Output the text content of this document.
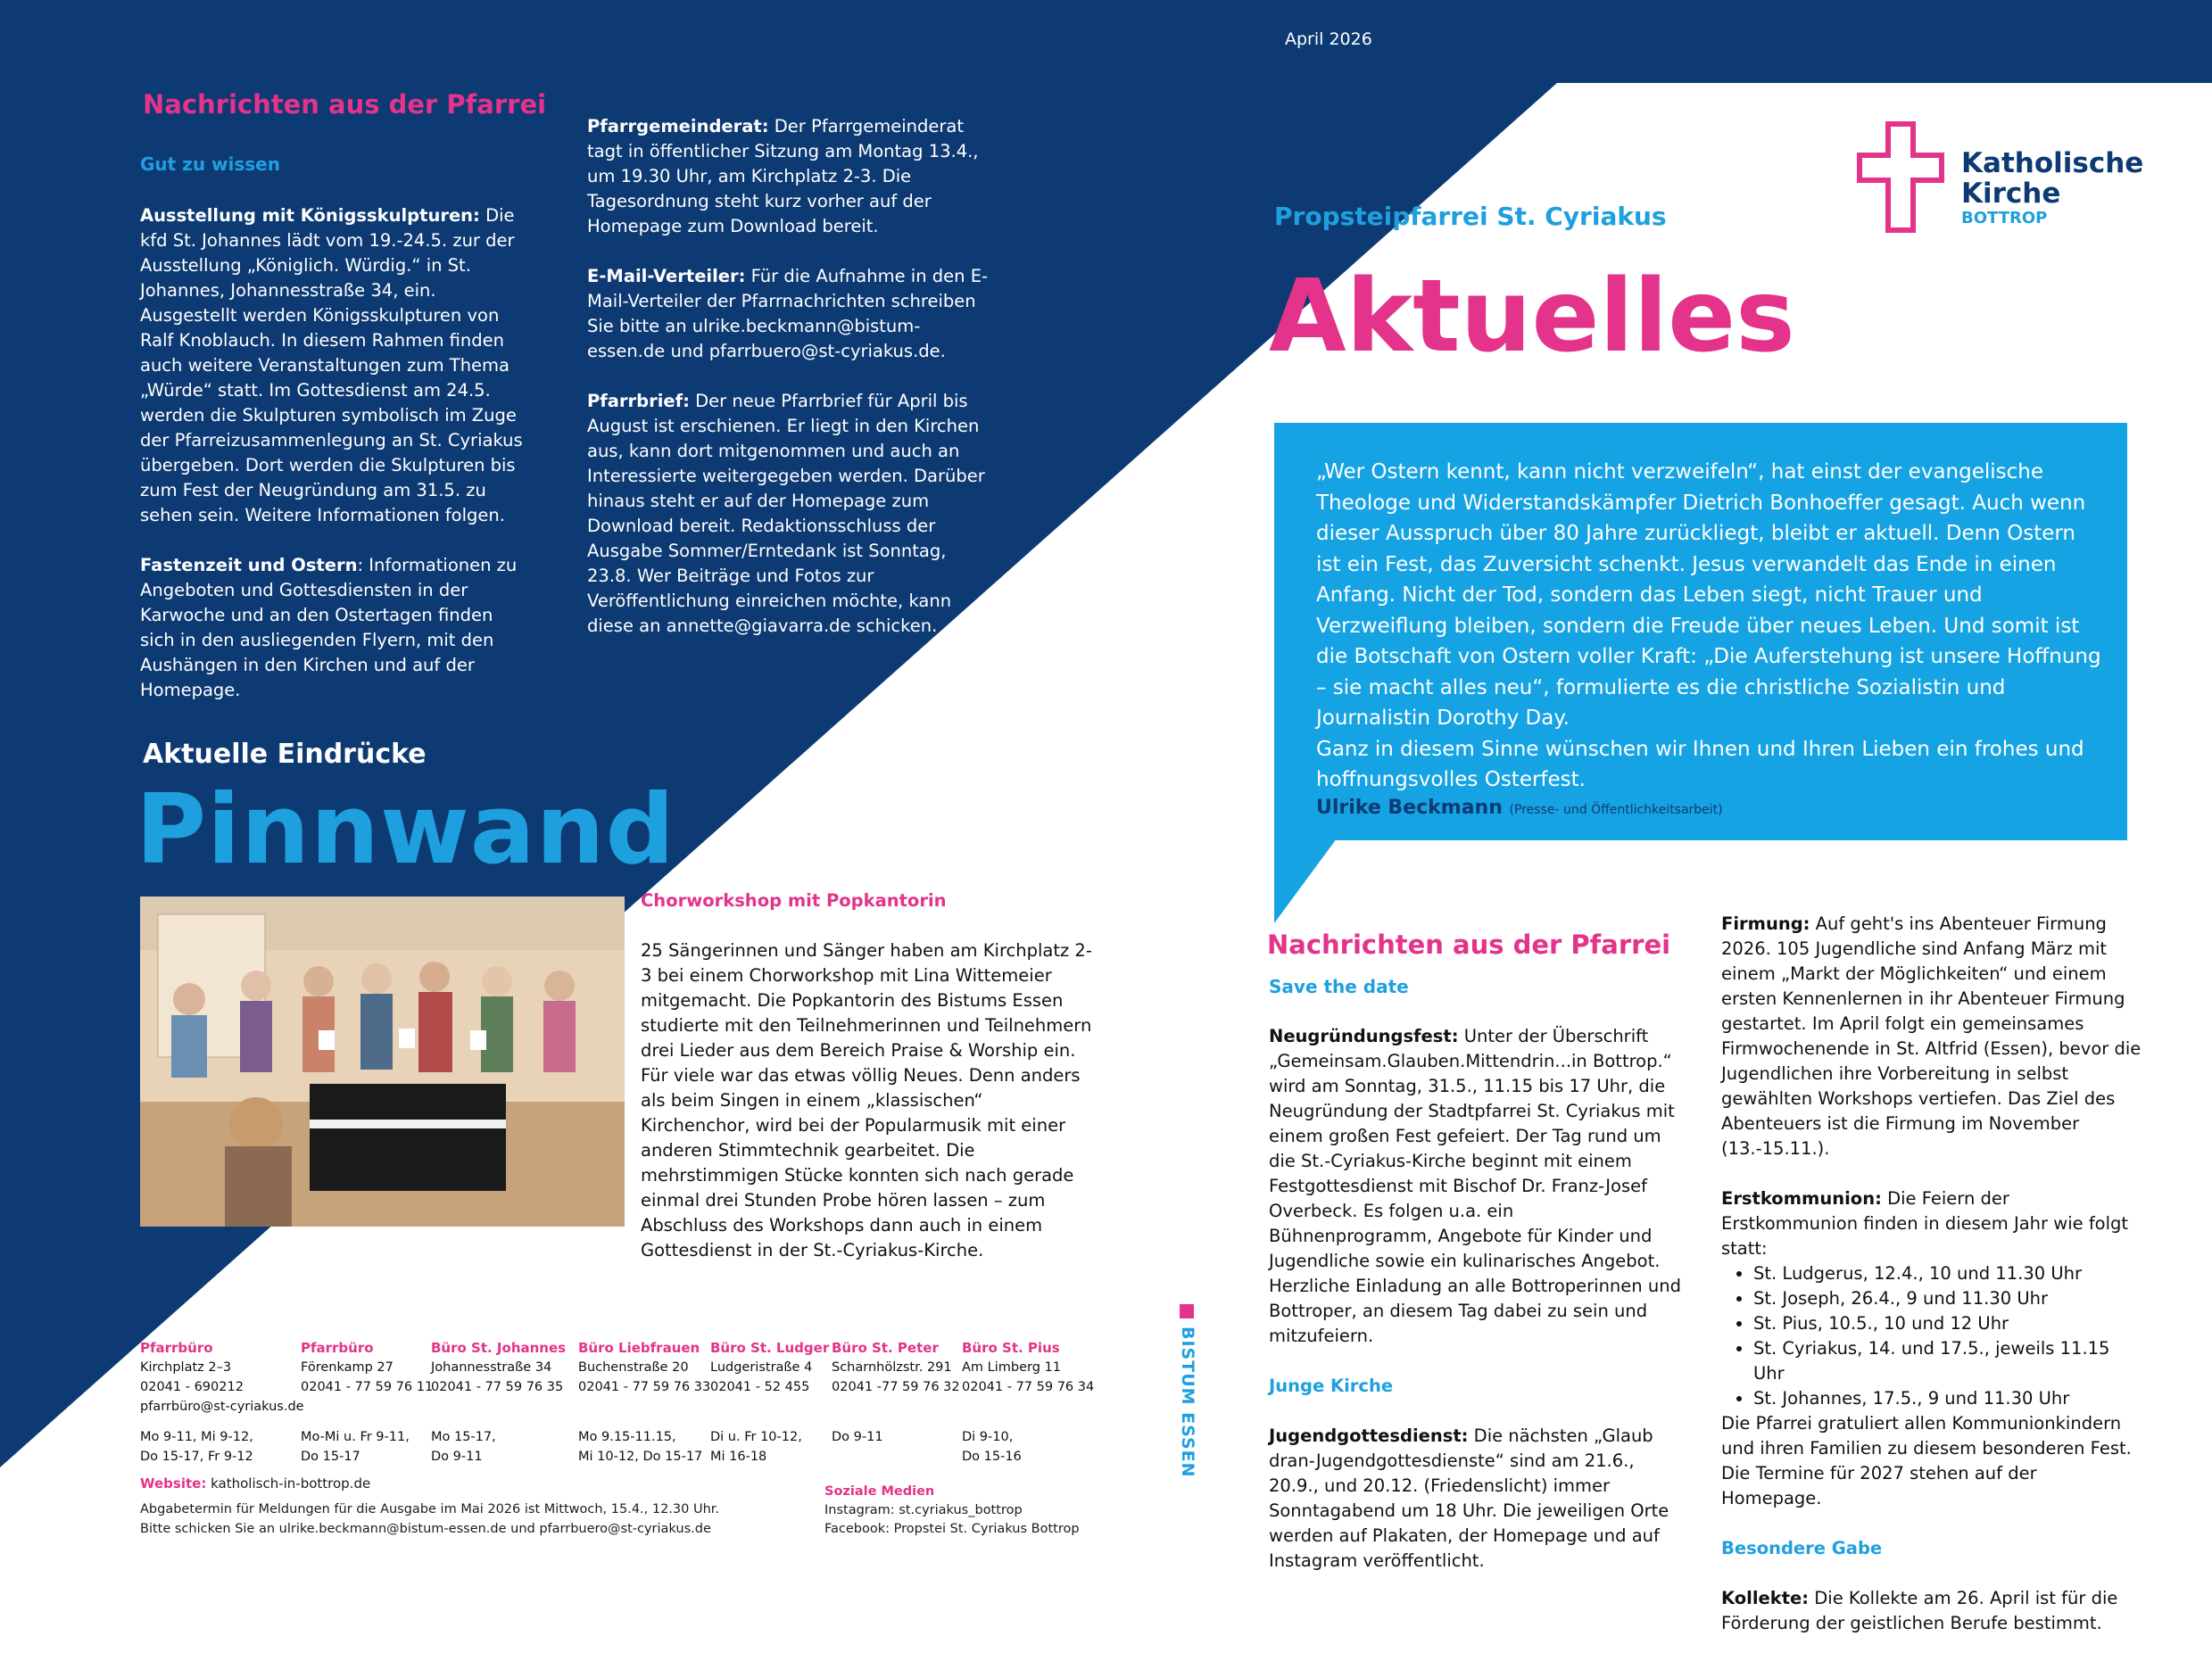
April 2026
Nachrichten aus der Pfarrei
Gut zu wissen

Ausstellung mit Königsskulpturen: Die kfd St. Johannes lädt vom 19.-24.5. zur der Ausstellung „Königlich. Würdig.“ in St. Johannes, Johannesstraße 34, ein. Ausgestellt werden Königsskulpturen von Ralf Knoblauch. In diesem Rahmen finden auch weitere Veranstaltungen zum Thema „Würde“ statt. Im Gottesdienst am 24.5. werden die Skulpturen symbolisch im Zuge der Pfarreizusammenlegung an St. Cyriakus übergeben. Dort werden die Skulpturen bis zum Fest der Neugründung am 31.5. zu sehen sein. Weitere Informationen folgen.

Fastenzeit und Ostern: Informationen zu Angeboten und Gottesdiensten in der Karwoche und an den Ostertagen finden sich in den ausliegenden Flyern, mit den Aushängen in den Kirchen und auf der Homepage.

Pfarrgemeinderat: Der Pfarrgemeinderat tagt in öffentlicher Sitzung am Montag 13.4., um 19.30 Uhr, am Kirchplatz 2-3. Die Tagesordnung steht kurz vorher auf der Homepage zum Download bereit.

E-Mail-Verteiler: Für die Aufnahme in den E-Mail-Verteiler der Pfarrnachrichten schreiben Sie bitte an ulrike.beckmann@bistum-essen.de und pfarrbuero@st-cyriakus.de.

Pfarrbrief: Der neue Pfarrbrief für April bis August ist erschienen. Er liegt in den Kirchen aus, kann dort mitgenommen und auch an Interessierte weitergegeben werden. Darüber hinaus steht er auf der Homepage zum Download bereit. Redaktionsschluss der Ausgabe Sommer/Erntedank ist Sonntag, 23.8. Wer Beiträge und Fotos zur Veröffentlichung einreichen möchte, kann diese an annette@giavarra.de schicken.

Aktuelle Eindrücke
Pinnwand
Chorworkshop mit Popkantorin
25 Sängerinnen und Sänger haben am Kirchplatz 2-3 bei einem Chorworkshop mit Lina Wittemeier mitgemacht. Die Popkantorin des Bistums Essen studierte mit den Teilnehmerinnen und Teilnehmern drei Lieder aus dem Bereich Praise & Worship ein. Für viele war das etwas völlig Neues. Denn anders als beim Singen in einem „klassischen“ Kirchenchor, wird bei der Popularmusik mit einer anderen Stimmtechnik gearbeitet. Die mehrstimmigen Stücke konnten sich nach gerade einmal drei Stunden Probe hören lassen – zum Abschluss des Workshops dann auch in einem Gottesdienst in der St.-Cyriakus-Kirche.
Pfarrbüro
Kirchplatz 2–3
02041 - 690212
pfarrbüro@st-cyriakus.de
Mo 9-11, Mi 9-12,
Do 15-17, Fr 9-12
Pfarrbüro
Förenkamp 27
02041 - 77 59 76 11
Mo-Mi u. Fr 9-11,
Do 15-17
Büro St. Johannes
Johannesstraße 34
02041 - 77 59 76 35
Mo 15-17,
Do 9-11
Büro Liebfrauen
Buchenstraße 20
02041 - 77 59 76 33
Mo 9.15-11.15,
Mi 10-12, Do 15-17
Büro St. Ludger
Ludgeristraße 4
02041 - 52 455
Di u. Fr 10-12,
Mi 16-18
Büro St. Peter
Scharnhölzstr. 291
02041 -77 59 76 32
Do 9-11
Büro St. Pius
Am Limberg 11
02041 - 77 59 76 34
Di 9-10,
Do 15-16
Website: katholisch-in-bottrop.de
Abgabetermin für Meldungen für die Ausgabe im Mai 2026 ist Mittwoch, 15.4., 12.30 Uhr.
Bitte schicken Sie an ulrike.beckmann@bistum-essen.de und pfarrbuero@st-cyriakus.de
Soziale Medien
Instagram: st.cyriakus_bottrop
Facebook: Propstei St. Cyriakus Bottrop
BISTUM ESSEN
Katholische
Kirche
BOTTROP
Propsteipfarrei St. Cyriakus
Aktuelles
„Wer Ostern kennt, kann nicht verzweifeln“, hat einst der evangelische Theologe und Widerstandskämpfer Dietrich Bonhoeffer gesagt. Auch wenn dieser Ausspruch über 80 Jahre zurückliegt, bleibt er aktuell. Denn Ostern ist ein Fest, das Zuversicht schenkt. Jesus verwandelt das Ende in einen Anfang. Nicht der Tod, sondern das Leben siegt, nicht Trauer und Verzweiflung bleiben, sondern die Freude über neues Leben. Und somit ist die Botschaft von Ostern voller Kraft: „Die Auferstehung ist unsere Hoffnung – sie macht alles neu“, formulierte es die christliche Sozialistin und Journalistin Dorothy Day.
Ganz in diesem Sinne wünschen wir Ihnen und Ihren Lieben ein frohes und hoffnungsvolles Osterfest.
Ulrike Beckmann (Presse- und Öffentlichkeitsarbeit)
Nachrichten aus der Pfarrei
Save the date

Neugründungsfest: Unter der Überschrift „Gemeinsam.Glauben.Mittendrin...in Bottrop.“ wird am Sonntag, 31.5., 11.15 bis 17 Uhr, die Neugründung der Stadtpfarrei St. Cyriakus mit einem großen Fest gefeiert. Der Tag rund um die St.-Cyriakus-Kirche beginnt mit einem Festgottesdienst mit Bischof Dr. Franz-Josef Overbeck. Es folgen u.a. ein Bühnenprogramm, Angebote für Kinder und Jugendliche sowie ein kulinarisches Angebot. Herzliche Einladung an alle Bottroperinnen und Bottroper, an diesem Tag dabei zu sein und mitzufeiern.

Junge Kirche

Jugendgottesdienst: Die nächsten „Glaub dran-Jugendgottesdienste“ sind am 21.6., 20.9., und 20.12. (Friedenslicht) immer Sonntagabend um 18 Uhr. Die jeweiligen Orte werden auf Plakaten, der Homepage und auf Instagram veröffentlicht.

Firmung: Auf geht's ins Abenteuer Firmung 2026. 105 Jugendliche sind Anfang März mit einem „Markt der Möglichkeiten“ und einem ersten Kennenlernen in ihr Abenteuer Firmung gestartet. Im April folgt ein gemeinsames Firmwochenende in St. Altfrid (Essen), bevor die Jugendlichen ihre Vorbereitung in selbst gewählten Workshops vertiefen. Das Ziel des Abenteuers ist die Firmung im November (13.-15.11.).

Erstkommunion: Die Feiern der Erstkommunion finden in diesem Jahr wie folgt statt:
• St. Ludgerus, 12.4., 10 und 11.30 Uhr
• St. Joseph, 26.4., 9 und 11.30 Uhr
• St. Pius, 10.5., 10 und 12 Uhr
• St. Cyriakus, 14. und 17.5., jeweils 11.15 Uhr
• St. Johannes, 17.5., 9 und 11.30 Uhr

Die Pfarrei gratuliert allen Kommunionkindern und ihren Familien zu diesem besonderen Fest. Die Termine für 2027 stehen auf der Homepage.

Besondere Gabe

Kollekte: Die Kollekte am 26. April ist für die Förderung der geistlichen Berufe bestimmt.
